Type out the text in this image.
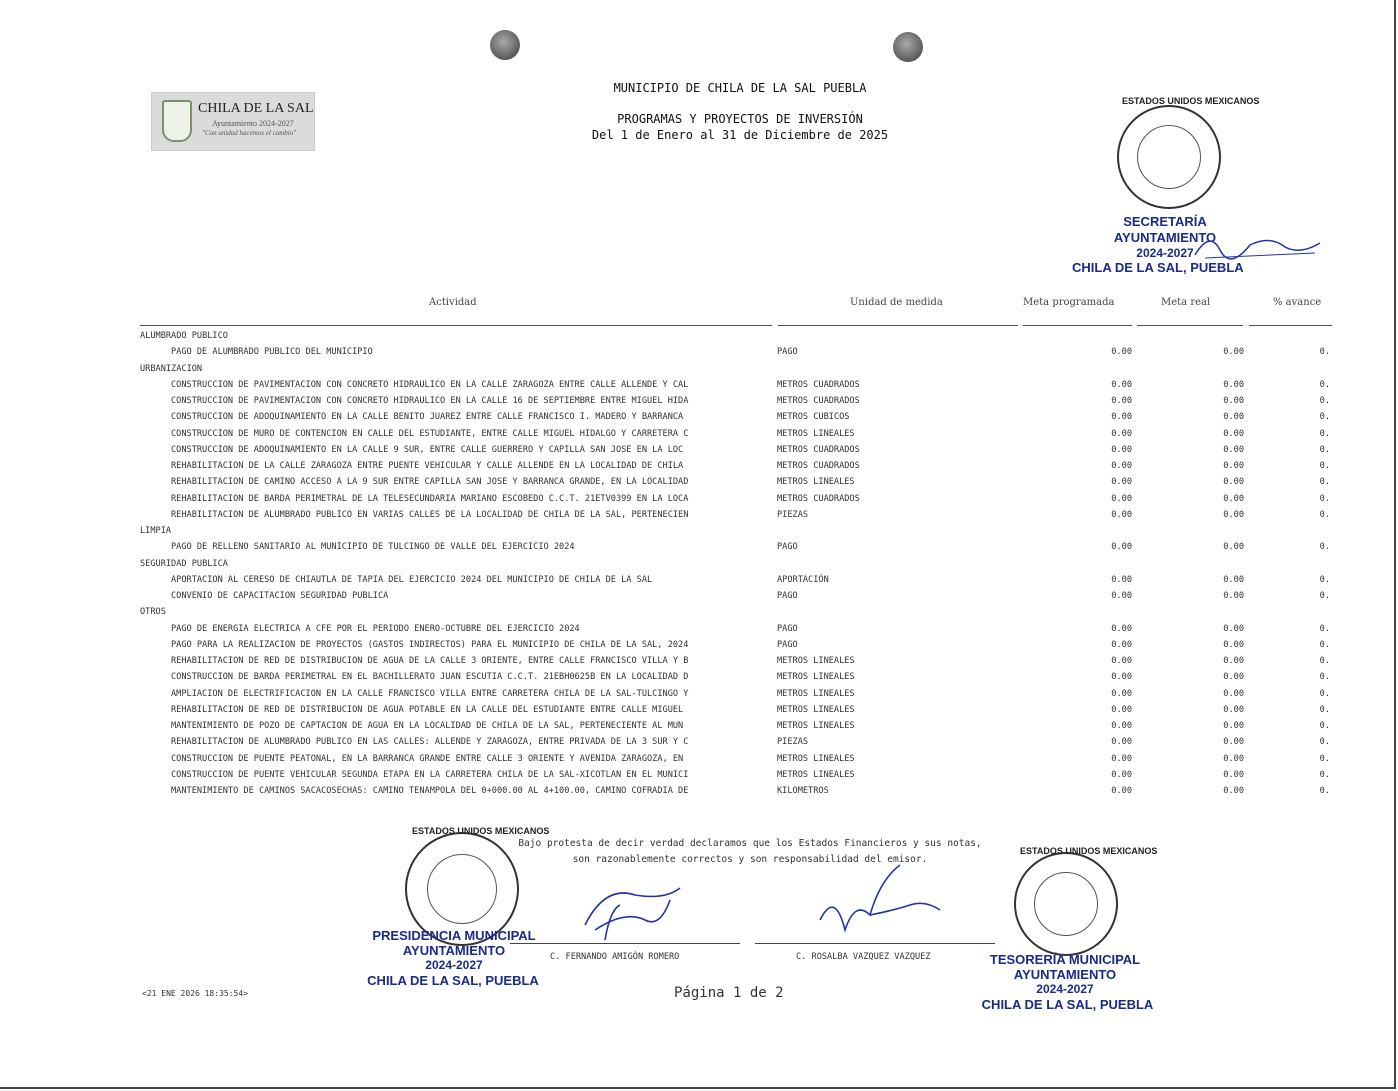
CHILA DE LA SAL
Ayuntamiento 2024-2027
"Con unidad hacemos el cambio"
MUNICIPIO DE CHILA DE LA SAL PUEBLA
PROGRAMAS Y PROYECTOS DE INVERSIÓN
Del 1 de Enero al 31 de Diciembre de 2025
ESTADOS UNIDOS MEXICANOS
SECRETARÍA
AYUNTAMIENTO
2024-2027
CHILA DE LA SAL, PUEBLA
Actividad	Unidad de medida	Meta programada	Meta real	% avance
ALUMBRADO PÚBLICO
PAGO DE ALUMBRADO PUBLICO DEL MUNICIPIO	PAGO	0.00	0.00	0.
URBANIZACION
CONSTRUCCIÓN DE PAVIMENTACIÓN CON CONCRETO HIDRÁULICO EN LA CALLE ZARAGOZA ENTRE CALLE ALLENDE Y CAL	METROS CUADRADOS	0.00	0.00	0.
CONSTRUCCIÓN DE PAVIMENTACIÓN CON CONCRETO HIDRÁULICO EN LA CALLE 16 DE SEPTIEMBRE ENTRE MIGUEL HIDA	METROS CUADRADOS	0.00	0.00	0.
CONSTRUCCIÓN DE ADOQUINAMIENTO EN LA CALLE BENITO JUÁREZ ENTRE CALLE FRANCISCO I. MADERO Y BARRANCA	METROS CUBICOS	0.00	0.00	0.
CONSTRUCCIÓN DE MURO DE CONTENCIÓN EN CALLE DEL ESTUDIANTE, ENTRE CALLE MIGUEL HIDALGO Y CARRETERA C	METROS LINEALES	0.00	0.00	0.
CONSTRUCCIÓN DE ADOQUINAMIENTO EN LA CALLE 9 SUR, ENTRE CALLE GUERRERO Y CAPILLA SAN JOSÉ EN LA LOC	METROS CUADRADOS	0.00	0.00	0.
REHABILITACIÓN DE LA CALLE ZARAGOZA ENTRE PUENTE VEHICULAR Y CALLE ALLENDE EN LA LOCALIDAD DE CHILA	METROS CUADRADOS	0.00	0.00	0.
REHABILITACIÓN DE CAMINO ACCESO A LA 9 SUR ENTRE CAPILLA SAN JOSÉ Y BARRANCA GRANDE, EN LA LOCALIDAD	METROS LINEALES	0.00	0.00	0.
REHABILITACIÓN DE BARDA PERIMETRAL DE LA TELESECUNDARIA MARIANO ESCOBEDO C.C.T. 21ETV0399 EN LA LOCA	METROS CUADRADOS	0.00	0.00	0.
REHABILITACIÓN DE ALUMBRADO PÚBLICO EN VARIAS CALLES DE LA LOCALIDAD DE CHILA DE LA SAL, PERTENECIEN	PIEZAS	0.00	0.00	0.
LIMPIA
PAGO DE RELLENO SANITARIO AL MUNICIPIO DE TULCINGO DE VALLE DEL EJERCICIO 2024	PAGO	0.00	0.00	0.
SEGURIDAD PÚBLICA
APORTACION AL CERESO DE CHIAUTLA DE TAPIA DEL EJERCICIO 2024 DEL MUNICIPIO DE CHILA DE LA SAL	APORTACIÓN	0.00	0.00	0.
CONVENIO DE CAPACITACION SEGURIDAD PUBLICA	PAGO	0.00	0.00	0.
OTROS
PAGO DE ENERGIA ELECTRICA A CFE POR EL PERIODO ENERO-OCTUBRE DEL EJERCICIO 2024	PAGO	0.00	0.00	0.
PAGO PARA LA REALIZACION DE PROYECTOS (GASTOS INDIRECTOS) PARA EL MUNICIPIO DE CHILA DE LA SAL, 2024	PAGO	0.00	0.00	0.
REHABILITACIÓN DE RED DE DISTRIBUCIÓN DE AGUA DE LA CALLE 3 ORIENTE, ENTRE CALLE FRANCISCO VILLA Y B	METROS LINEALES	0.00	0.00	0.
CONSTRUCCIÓN DE BARDA PERIMETRAL EN EL BACHILLERATO JUAN ESCUTIA C.C.T. 21EBH0625B EN LA LOCALIDAD D	METROS LINEALES	0.00	0.00	0.
AMPLIACIÓN DE ELECTRIFICACIÓN EN LA CALLE FRANCISCO VILLA ENTRE CARRETERA CHILA DE LA SAL-TULCINGO Y	METROS LINEALES	0.00	0.00	0.
REHABILITACIÓN DE RED DE DISTRIBUCIÓN DE AGUA POTABLE EN LA CALLE DEL ESTUDIANTE ENTRE CALLE MIGUEL	METROS LINEALES	0.00	0.00	0.
MANTENIMIENTO DE POZO DE CAPTACIÓN DE AGUA EN LA LOCALIDAD DE CHILA DE LA SAL, PERTENECIENTE AL MUN	METROS LINEALES	0.00	0.00	0.
REHABILITACIÓN DE ALUMBRADO PÚBLICO EN LAS CALLES: ALLENDE Y ZARAGOZA, ENTRE PRIVADA DE LA 3 SUR Y C	PIEZAS	0.00	0.00	0.
CONSTRUCCIÓN DE PUENTE PEATONAL, EN LA BARRANCA GRANDE ENTRE CALLE 3 ORIENTE Y AVENIDA ZARAGOZA, EN	METROS LINEALES	0.00	0.00	0.
CONSTRUCCIÓN DE PUENTE VEHICULAR SEGUNDA ETAPA EN LA CARRETERA CHILA DE LA SAL-XICOTLÁN EN EL MUNICI	METROS LINEALES	0.00	0.00	0.
MANTENIMIENTO DE CAMINOS SACACOSECHAS: CAMINO TENAMPOLA DEL 0+000.00 AL 4+100.00, CAMINO COFRADÍA DE	KILOMETROS	0.00	0.00	0.
ESTADOS UNIDOS MEXICANOS
PRESIDENCIA MUNICIPAL
AYUNTAMIENTO
2024-2027
CHILA DE LA SAL, PUEBLA
Bajo protesta de decir verdad declaramos que los Estados Financieros y sus notas,
son razonablemente correctos y son responsabilidad del emisor.
C. FERNANDO AMIGÓN ROMERO	C. ROSALBA VAZQUEZ VAZQUEZ
ESTADOS UNIDOS MEXICANOS
TESORERÍA MUNICIPAL
AYUNTAMIENTO
2024-2027
CHILA DE LA SAL, PUEBLA
<21 ENE 2026 18:35:54>	Página 1 de 2
